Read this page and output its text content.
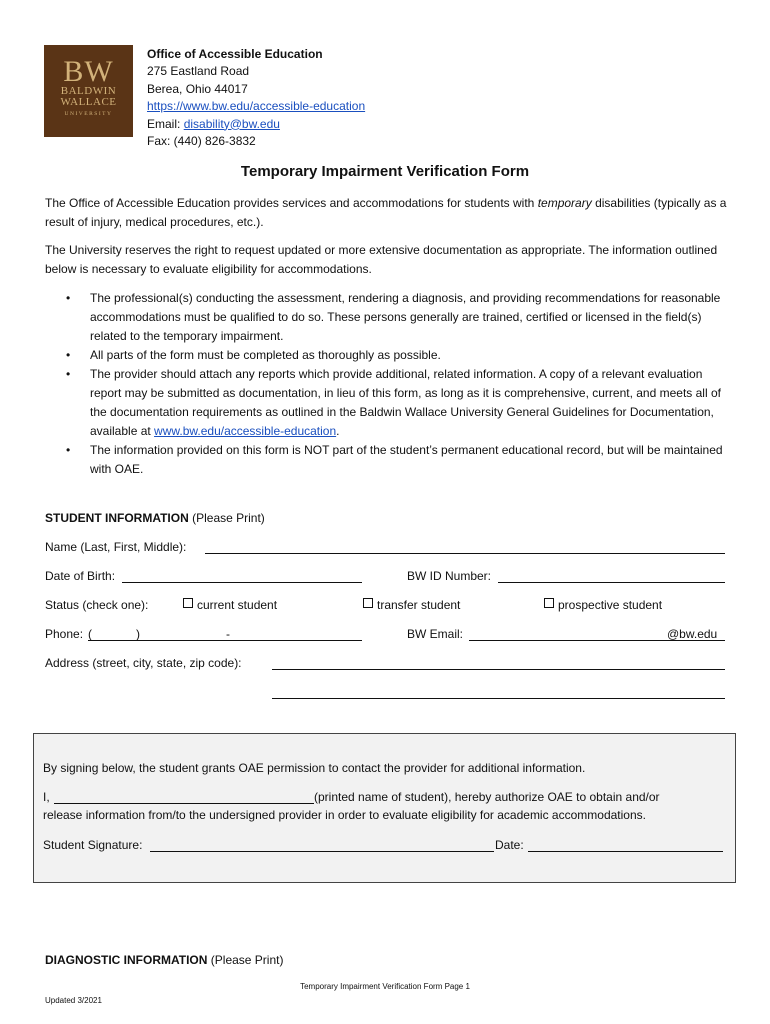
BW
BALDWIN
WALLACE
UNIVERSITY
Office of Accessible Education
275 Eastland Road
Berea, Ohio 44017
https://www.bw.edu/accessible-education
Email: disability@bw.edu
Fax: (440) 826-3832
Temporary Impairment Verification Form
The Office of Accessible Education provides services and accommodations for students with temporary disabilities (typically as a result of injury, medical procedures, etc.).
The University reserves the right to request updated or more extensive documentation as appropriate. The information outlined below is necessary to evaluate eligibility for accommodations.
• The professional(s) conducting the assessment, rendering a diagnosis, and providing recommendations for reasonable accommodations must be qualified to do so. These persons generally are trained, certified or licensed in the field(s) related to the temporary impairment.
• All parts of the form must be completed as thoroughly as possible.
• The provider should attach any reports which provide additional, related information. A copy of a relevant evaluation report may be submitted as documentation, in lieu of this form, as long as it is comprehensive, current, and meets all of the documentation requirements as outlined in the Baldwin Wallace University General Guidelines for Documentation, available at www.bw.edu/accessible-education.
• The information provided on this form is NOT part of the student’s permanent educational record, but will be maintained with OAE.
STUDENT INFORMATION (Please Print)
Name (Last, First, Middle):
Date of Birth:	BW ID Number:
Status (check one):	current student	transfer student	prospective student
Phone: (	)	-	BW Email:	@bw.edu
Address (street, city, state, zip code):
By signing below, the student grants OAE permission to contact the provider for additional information.
I,	(printed name of student), hereby authorize OAE to obtain and/or
release information from/to the undersigned provider in order to evaluate eligibility for academic accommodations.
Student Signature:	Date:
DIAGNOSTIC INFORMATION (Please Print)
Temporary Impairment Verification Form Page 1
Updated 3/2021
